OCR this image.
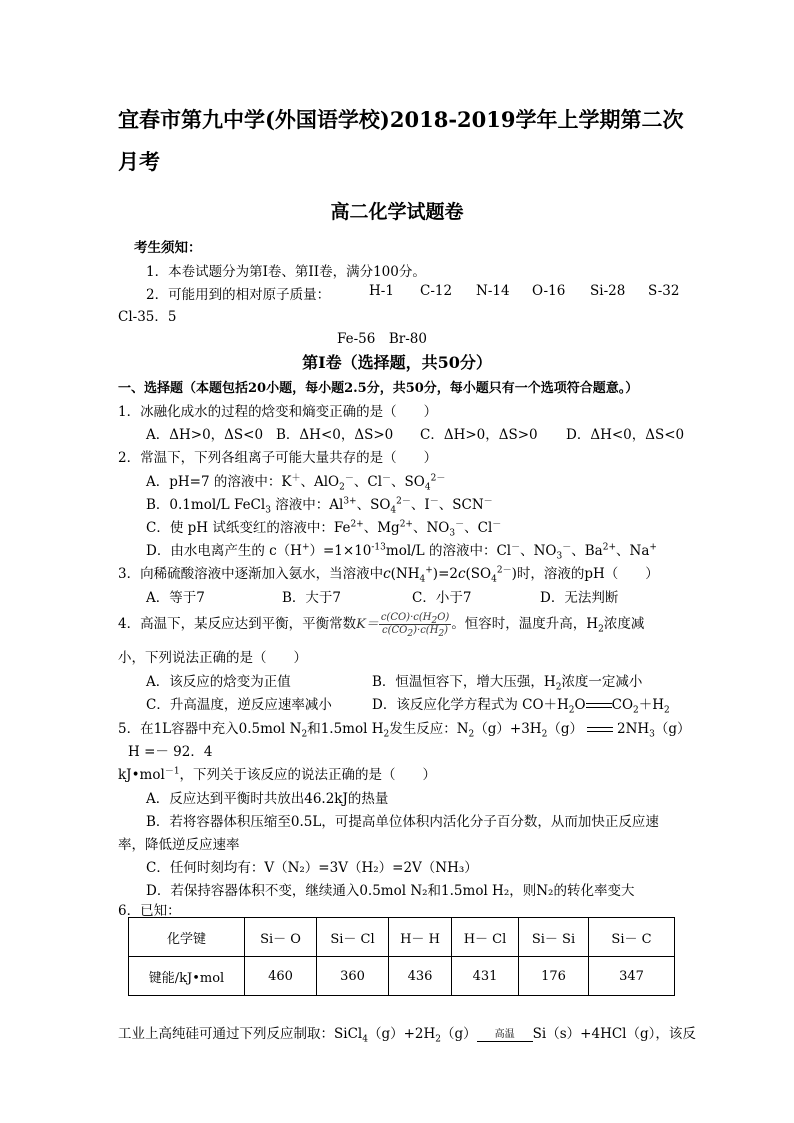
宜春市第九中学(外国语学校)2018-2019学年上学期第二次
月考
高二化学试题卷
考生须知：
1．本卷试题分为第I卷、第II卷，满分100分。
2．可能用到的相对原子质量：	H-1 C-12 N-14 O-16 Si-28 S-32
Cl-35．5
Fe-56　Br-80
第Ⅰ卷（选择题，共50分）
一、选择题（本题包括20小题，每小题2.5分，共50分，每小题只有一个选项符合题意。）
1．冰融化成水的过程的焓变和熵变正确的是（　　）
A．ΔH>0，ΔS<0 B．ΔH<0，ΔS>0 C．ΔH>0，ΔS>0 D．ΔH<0，ΔS<0
2．常温下，下列各组离子可能大量共存的是（　　）
A．pH=7 的溶液中：K＋、AlO$_2$－、Cl－、$SO_4^{2-}$
B．0.1mol/L FeCl$_3$ 溶液中：$Al^{3+}$、$SO_4^{2-}$、I－、SCN－
C．使 pH 试纸变红的溶液中：$Fe^{2+}$、$Mg^{2+}$、$NO_3^-$、Cl－
D．由水电离产生的 $c(H^+)=1\times 10^{-13}mol/L$ 的溶液中：Cl－、$NO_3^-$、$Ba^{2+}$、Na+
3．向稀硫酸溶液中逐渐加入氨水，当溶液中$c(NH_4^+)=2c(SO_4^{2-})$时，溶液的pH（　　）
A．等于7	B．大于7	C．小于7	D．无法判断
4．高温下，某反应达到平衡，平衡常数$K= \frac{c(CO)\cdot c(H_2O)}{c(CO_2)\cdot c(H_2)}$ 。恒容时，温度升高，$H_2$浓度减
小，下列说法正确的是（　　）
A．该反应的焓变为正值	B．恒温恒容下，增大压强，$H_2$浓度一定减小
C．升高温度，逆反应速率减小	D．该反应化学方程式为 $CO+H_2O$ $CO_2+H_2$
5．在1L容器中充入0.5mol $N_2$和1.5mol $H_2$发生反应：$N_2(g)+3H_2(g)$	$2NH_3(g)$
H =－ 92．4
kJ•mol$^{-1}$，下列关于该反应的说法正确的是（　　）
A．反应达到平衡时共放出46.2kJ的热量
B．若将容器体积压缩至0.5L，可提高单位体积内活化分子百分数，从而加快正反应速
率，降低逆反应速率
C．任何时刻均有：V（N₂）=3V（H₂）=2V（NH₃）
D．若保持容器体积不变，继续通入0.5mol N₂和1.5mol H₂，则N₂的转化率变大
6．已知：
化学键	Si－ O	Si－ Cl	H－ H	H－ Cl	Si－ Si	Si－ C
键能/kJ•mol	460	360	436	431	176	347
工业上高纯硅可通过下列反应制取：$SiCl_4(g)+2H_2(g)$	高温	Si（s）+4HCl（g），该反
